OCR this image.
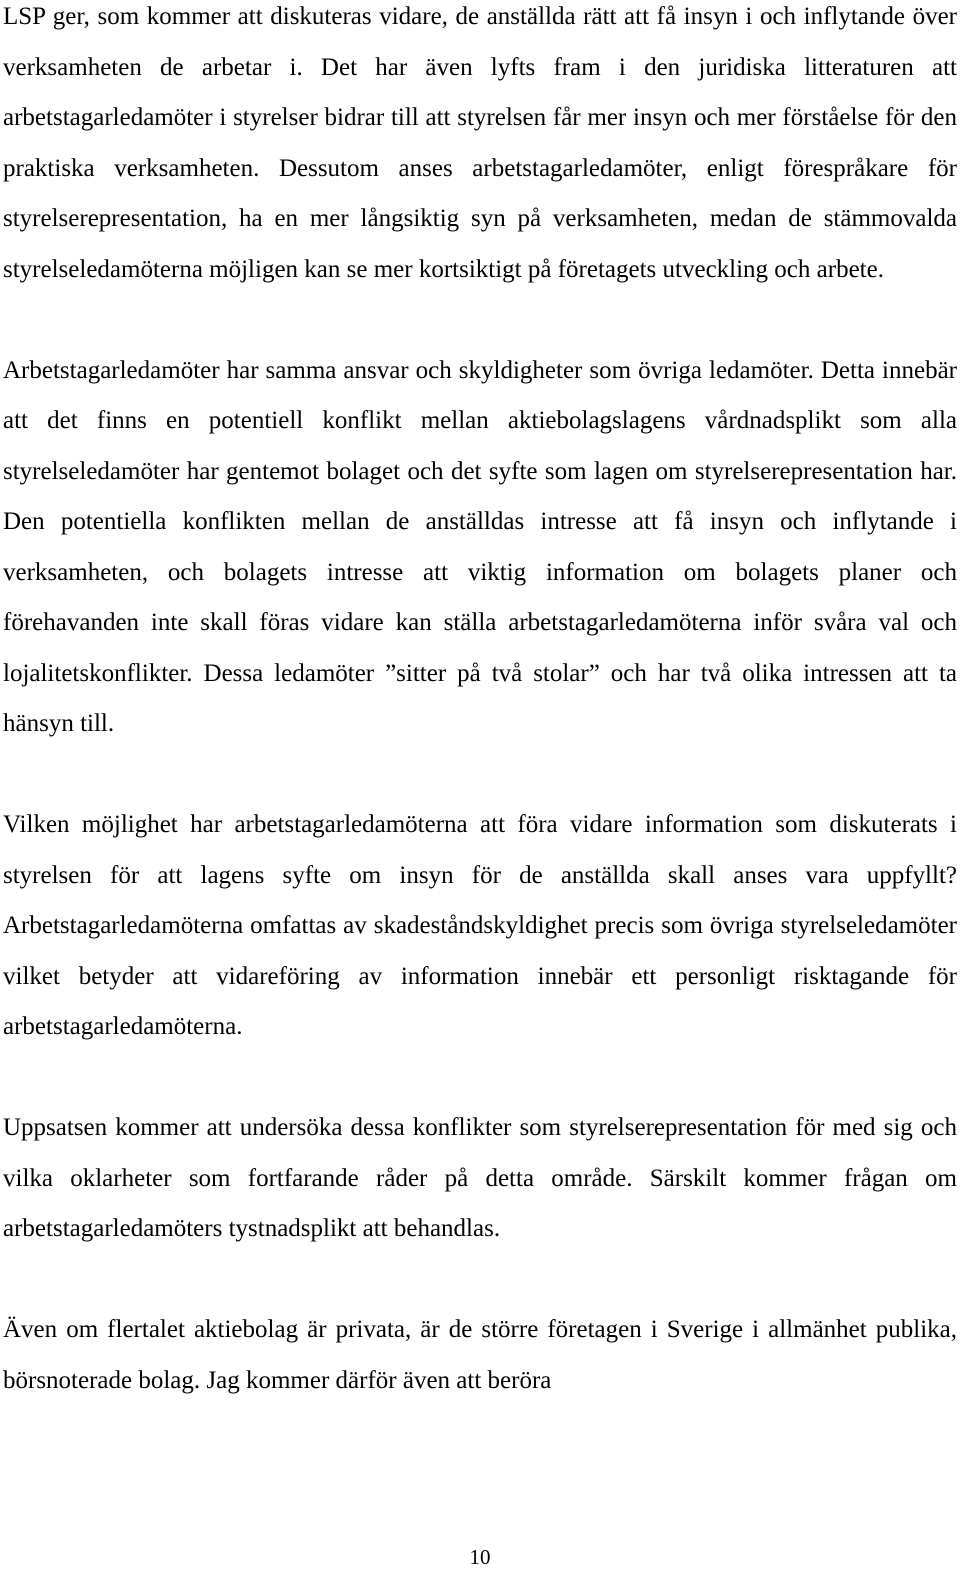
LSP ger, som kommer att diskuteras vidare, de anställda rätt att få insyn i och inflytande över verksamheten de arbetar i. Det har även lyfts fram i den juridiska litteraturen att arbetstagarledamöter i styrelser bidrar till att styrelsen får mer insyn och mer förståelse för den praktiska verksamheten. Dessutom anses arbetstagarledamöter, enligt förespråkare för styrelserepresentation, ha en mer långsiktig syn på verksamheten, medan de stämmovalda styrelseledamöterna möjligen kan se mer kortsiktigt på företagets utveckling och arbete.

Arbetstagarledamöter har samma ansvar och skyldigheter som övriga ledamöter. Detta innebär att det finns en potentiell konflikt mellan aktiebolagslagens vårdnadsplikt som alla styrelseledamöter har gentemot bolaget och det syfte som lagen om styrelserepresentation har. Den potentiella konflikten mellan de anställdas intresse att få insyn och inflytande i verksamheten, och bolagets intresse att viktig information om bolagets planer och förehavanden inte skall föras vidare kan ställa arbetstagarledamöterna inför svåra val och lojalitetskonflikter. Dessa ledamöter ”sitter på två stolar” och har två olika intressen att ta hänsyn till.

Vilken möjlighet har arbetstagarledamöterna att föra vidare information som diskuterats i styrelsen för att lagens syfte om insyn för de anställda skall anses vara uppfyllt? Arbetstagarledamöterna omfattas av skadeståndskyldighet precis som övriga styrelseledamöter vilket betyder att vidareföring av information innebär ett personligt risktagande för arbetstagarledamöterna.

Uppsatsen kommer att undersöka dessa konflikter som styrelserepresentation för med sig och vilka oklarheter som fortfarande råder på detta område. Särskilt kommer frågan om arbetstagarledamöters tystnadsplikt att behandlas.

Även om flertalet aktiebolag är privata, är de större företagen i Sverige i allmänhet publika, börsnoterade bolag. Jag kommer därför även att beröra

10
